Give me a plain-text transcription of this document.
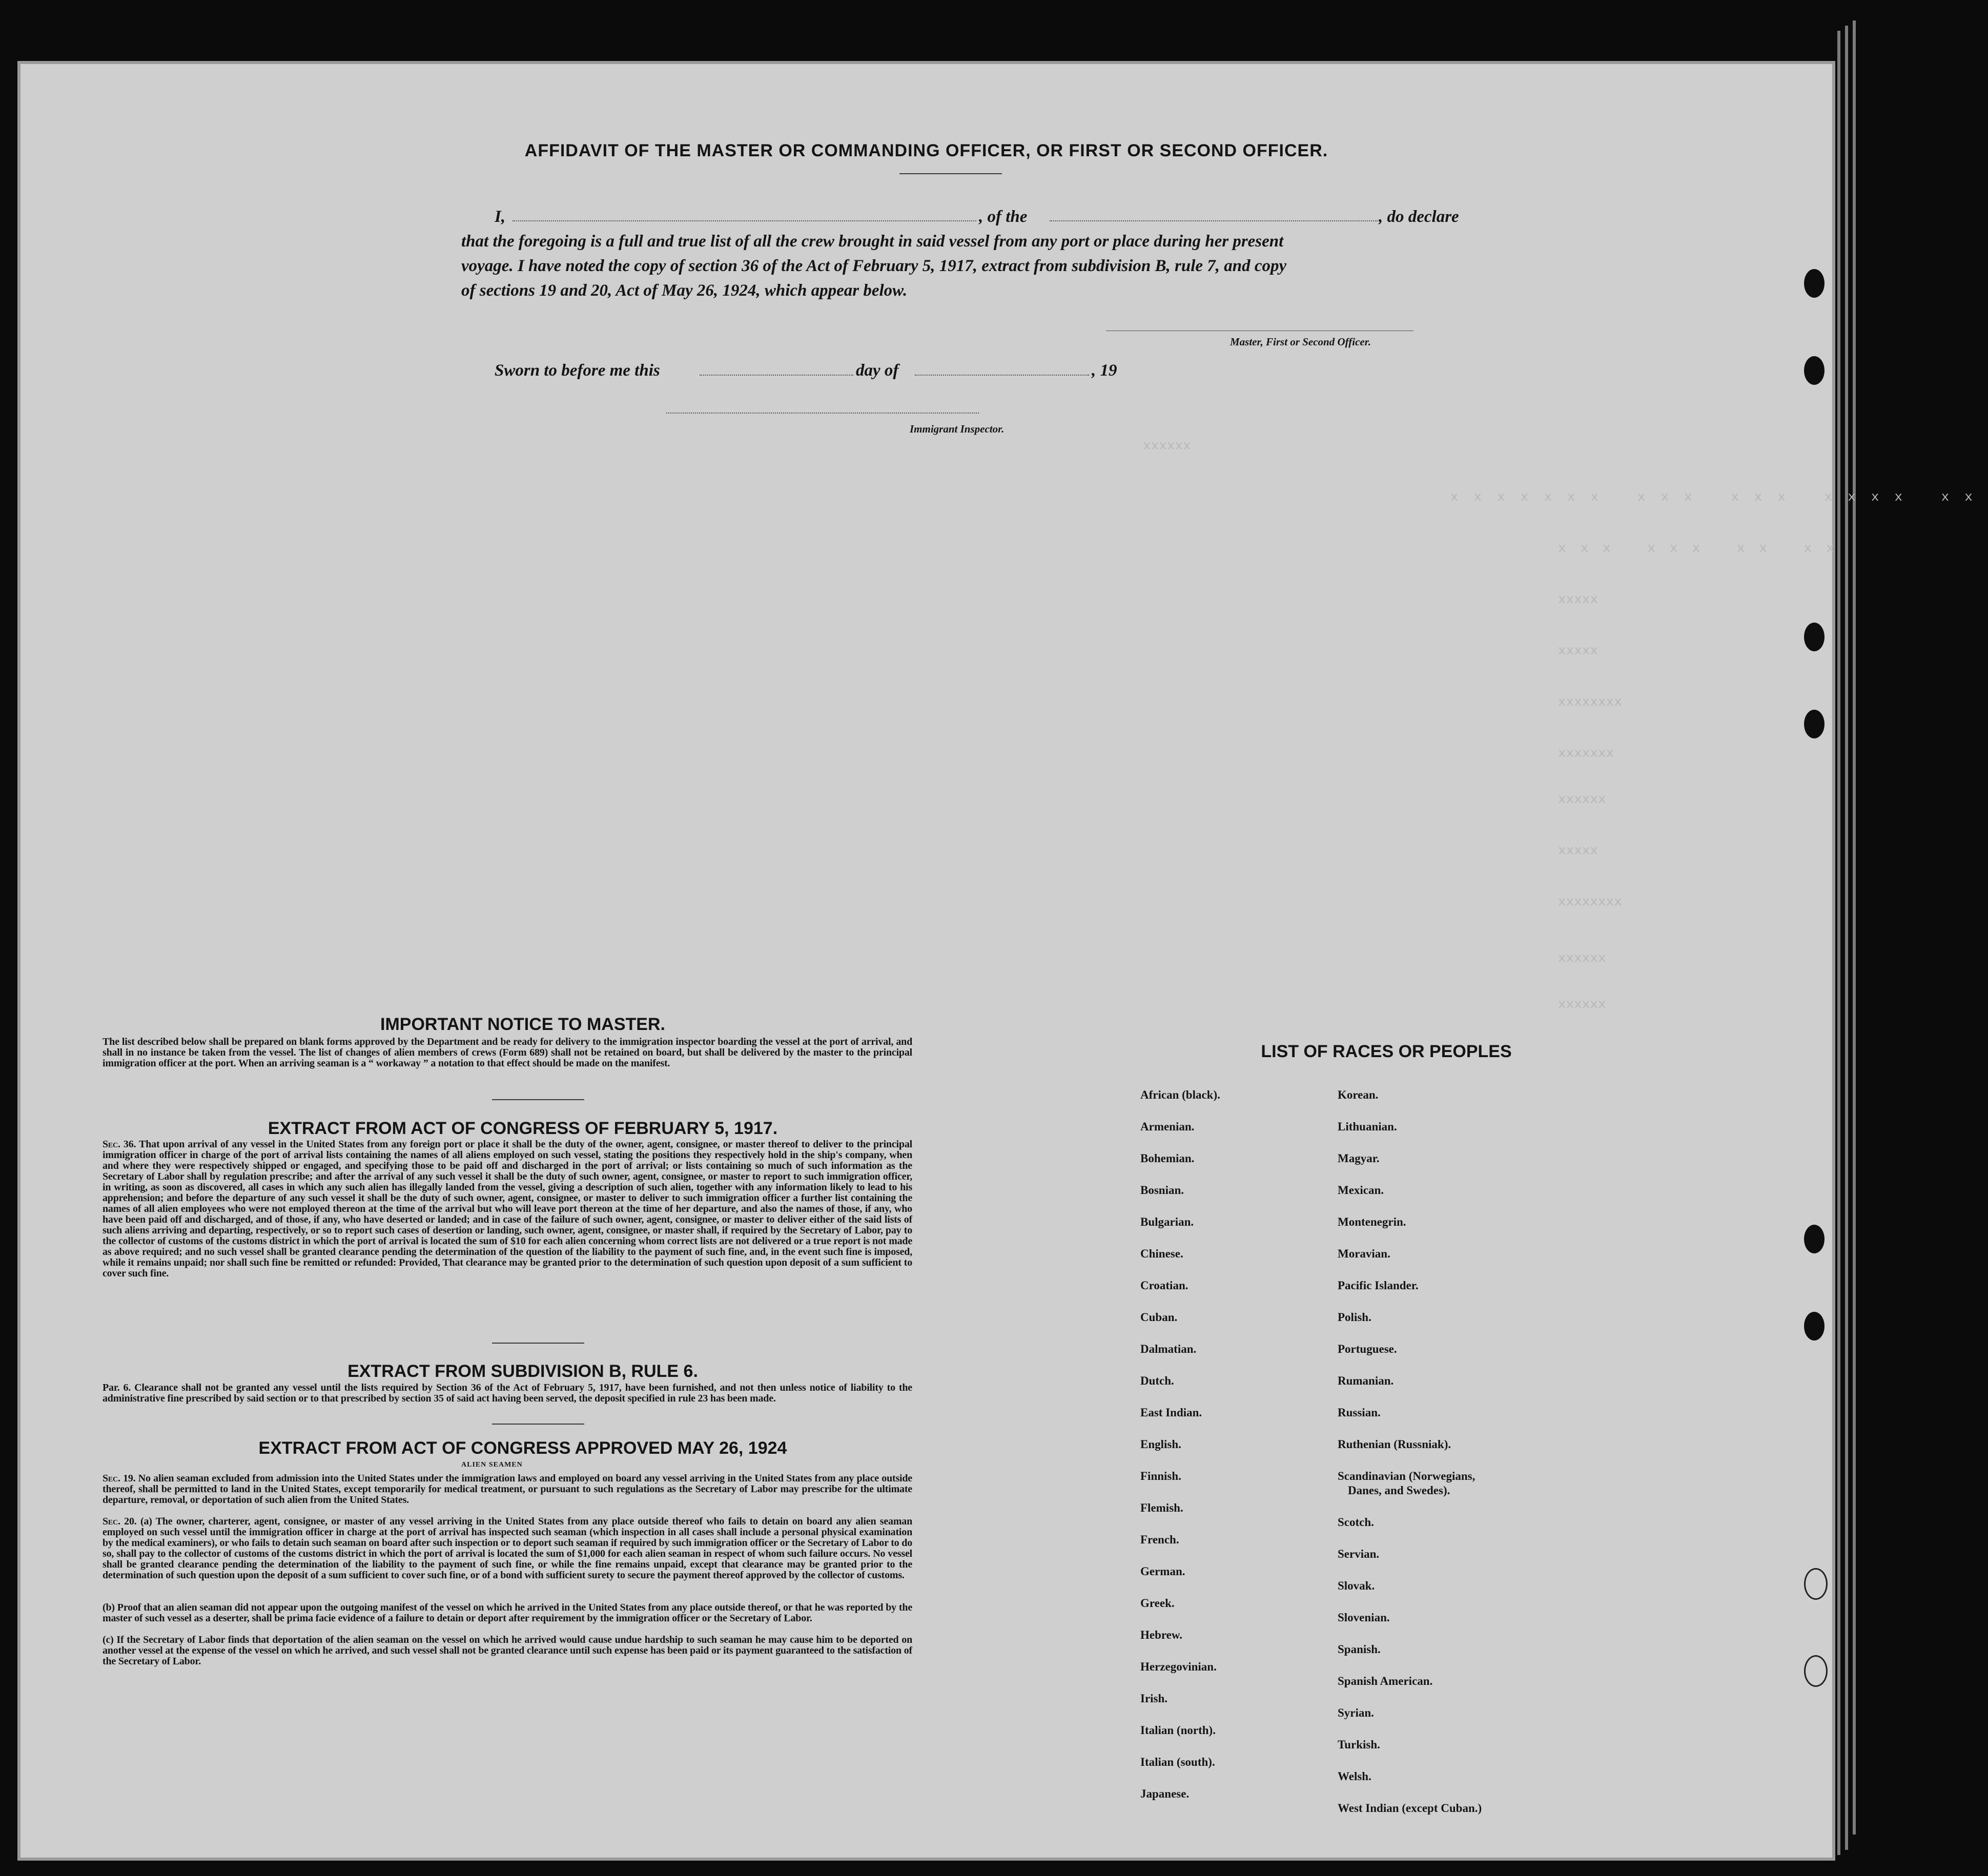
xxxxxx
xxxxxxx xxx xxx xxxx xx
xxx xxx xx xx
xxxxx
xxxxx
xxxxxxxx
xxxxxxx
xxxxxx
xxxxx
xxxxxxxx
xxxxxx
xxxxxx
AFFIDAVIT OF THE MASTER OR COMMANDING OFFICER, OR FIRST OR SECOND OFFICER.
I,	, of the	, do declare
that the foregoing is a full and true list of all the crew brought in said vessel from any port or place during her present
voyage. I have noted the copy of section 36 of the Act of February 5, 1917, extract from subdivision B, rule 7, and copy
of sections 19 and 20, Act of May 26, 1924, which appear below.
Master, First or Second Officer.
Sworn to before me this	day of	, 19
Immigrant Inspector.
IMPORTANT NOTICE TO MASTER.
The list described below shall be prepared on blank forms approved by the Department and be ready for delivery to the immigration inspector boarding the vessel at the port of arrival, and shall in no instance be taken from the vessel. The list of changes of alien members of crews (Form 689) shall not be retained on board, but shall be delivered by the master to the principal immigration officer at the port. When an arriving seaman is a “ workaway ” a notation to that effect should be made on the manifest.
EXTRACT FROM ACT OF CONGRESS OF FEBRUARY 5, 1917.
Sec. 36. That upon arrival of any vessel in the United States from any foreign port or place it shall be the duty of the owner, agent, consignee, or master thereof to deliver to the principal immigration officer in charge of the port of arrival lists containing the names of all aliens employed on such vessel, stating the positions they respectively hold in the ship's company, when and where they were respectively shipped or engaged, and specifying those to be paid off and discharged in the port of arrival; or lists containing so much of such information as the Secretary of Labor shall by regulation prescribe; and after the arrival of any such vessel it shall be the duty of such owner, agent, consignee, or master to report to such immigration officer, in writing, as soon as discovered, all cases in which any such alien has illegally landed from the vessel, giving a description of such alien, together with any information likely to lead to his apprehension; and before the departure of any such vessel it shall be the duty of such owner, agent, consignee, or master to deliver to such immigration officer a further list containing the names of all alien employees who were not employed thereon at the time of the arrival but who will leave port thereon at the time of her departure, and also the names of those, if any, who have been paid off and discharged, and of those, if any, who have deserted or landed; and in case of the failure of such owner, agent, consignee, or master to deliver either of the said lists of such aliens arriving and departing, respectively, or so to report such cases of desertion or landing, such owner, agent, consignee, or master shall, if required by the Secretary of Labor, pay to the collector of customs of the customs district in which the port of arrival is located the sum of $10 for each alien concerning whom correct lists are not delivered or a true report is not made as above required; and no such vessel shall be granted clearance pending the determination of the question of the liability to the payment of such fine, and, in the event such fine is imposed, while it remains unpaid; nor shall such fine be remitted or refunded: Provided, That clearance may be granted prior to the determination of such question upon deposit of a sum sufficient to cover such fine.
EXTRACT FROM SUBDIVISION B, RULE 6.
Par. 6. Clearance shall not be granted any vessel until the lists required by Section 36 of the Act of February 5, 1917, have been furnished, and not then unless notice of liability to the administrative fine prescribed by said section or to that prescribed by section 35 of said act having been served, the deposit specified in rule 23 has been made.
EXTRACT FROM ACT OF CONGRESS APPROVED MAY 26, 1924
ALIEN SEAMEN
Sec. 19. No alien seaman excluded from admission into the United States under the immigration laws and employed on board any vessel arriving in the United States from any place outside thereof, shall be permitted to land in the United States, except temporarily for medical treatment, or pursuant to such regulations as the Secretary of Labor may prescribe for the ultimate departure, removal, or deportation of such alien from the United States.
Sec. 20. (a) The owner, charterer, agent, consignee, or master of any vessel arriving in the United States from any place outside thereof who fails to detain on board any alien seaman employed on such vessel until the immigration officer in charge at the port of arrival has inspected such seaman (which inspection in all cases shall include a personal physical examination by the medical examiners), or who fails to detain such seaman on board after such inspection or to deport such seaman if required by such immigration officer or the Secretary of Labor to do so, shall pay to the collector of customs of the customs district in which the port of arrival is located the sum of $1,000 for each alien seaman in respect of whom such failure occurs. No vessel shall be granted clearance pending the determination of the liability to the payment of such fine, or while the fine remains unpaid, except that clearance may be granted prior to the determination of such question upon the deposit of a sum sufficient to cover such fine, or of a bond with sufficient surety to secure the payment thereof approved by the collector of customs.
(b) Proof that an alien seaman did not appear upon the outgoing manifest of the vessel on which he arrived in the United States from any place outside thereof, or that he was reported by the master of such vessel as a deserter, shall be prima facie evidence of a failure to detain or deport after requirement by the immigration officer or the Secretary of Labor.
(c) If the Secretary of Labor finds that deportation of the alien seaman on the vessel on which he arrived would cause undue hardship to such seaman he may cause him to be deported on another vessel at the expense of the vessel on which he arrived, and such vessel shall not be granted clearance until such expense has been paid or its payment guaranteed to the satisfaction of the Secretary of Labor.
LIST OF RACES OR PEOPLES
African (black).
Armenian.
Bohemian.
Bosnian.
Bulgarian.
Chinese.
Croatian.
Cuban.
Dalmatian.
Dutch.
East Indian.
English.
Finnish.
Flemish.
French.
German.
Greek.
Hebrew.
Herzegovinian.
Irish.
Italian (north).
Italian (south).
Japanese.
Korean.
Lithuanian.
Magyar.
Mexican.
Montenegrin.
Moravian.
Pacific Islander.
Polish.
Portuguese.
Rumanian.
Russian.
Ruthenian (Russniak).
Scandinavian (Norwegians,
Danes, and Swedes).
Scotch.
Servian.
Slovak.
Slovenian.
Spanish.
Spanish American.
Syrian.
Turkish.
Welsh.
West Indian (except Cuban.)
